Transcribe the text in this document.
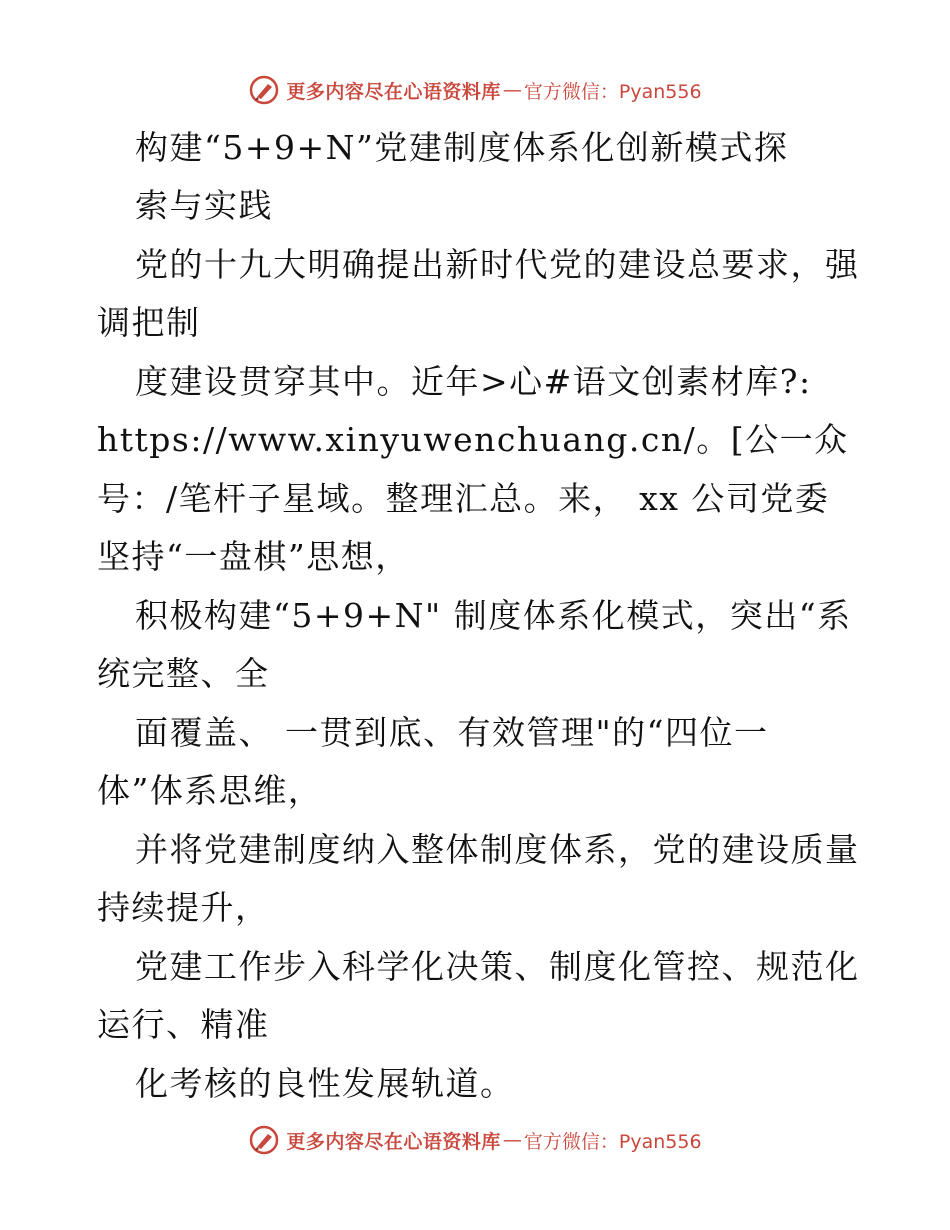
更多内容尽在心语资料库 — 官方微信：Pyan556
构建“5+9+N”党建制度体系化创新模式探
索与实践
党的十九大明确提出新时代党的建设总要求，强
调把制
度建设贯穿其中。近年>心#语文创素材库?:
https://www.xinyuwenchuang.cn/。[公一众
号：/笔杆子星域。整理汇总。来， xx 公司党委
坚持“一盘棋”思想，
积极构建“5+9+N" 制度体系化模式，突出“系
统完整、全
面覆盖、 一贯到底、有效管理"的“四位一
体”体系思维，
并将党建制度纳入整体制度体系，党的建设质量
持续提升，
党建工作步入科学化决策、制度化管控、规范化
运行、精准
化考核的良性发展轨道。
更多内容尽在心语资料库 — 官方微信：Pyan556
